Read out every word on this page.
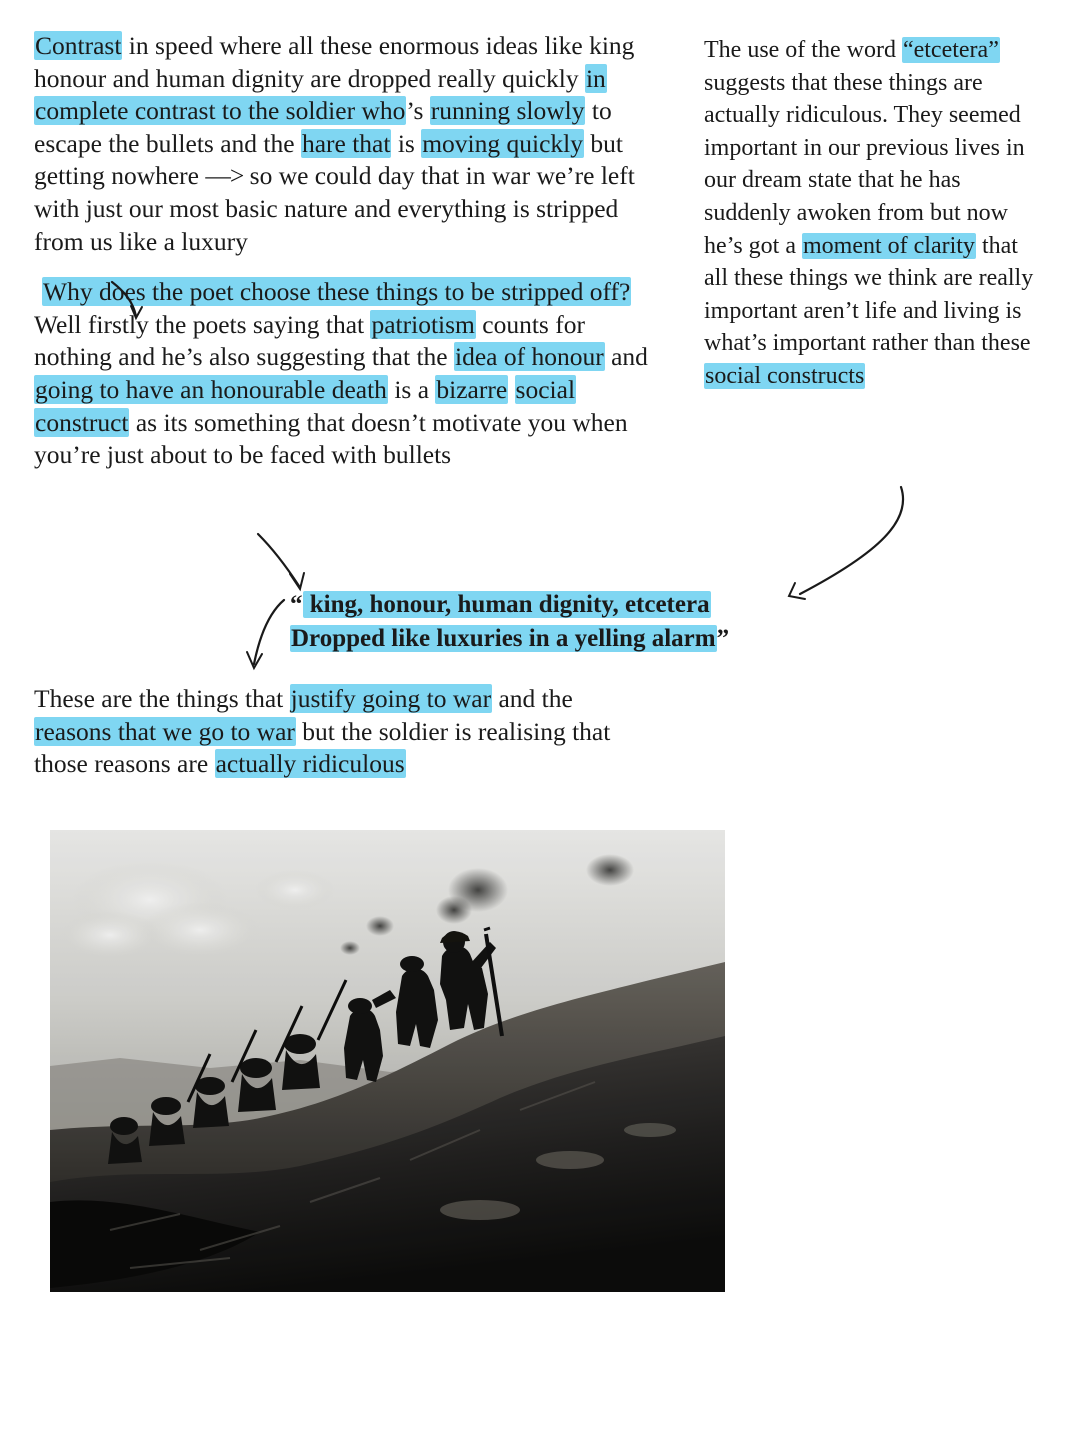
Contrast in speed where all these enormous ideas like king honour and human dignity are dropped really quickly in complete contrast to the soldier who’s running slowly to escape the bullets and the hare that is moving quickly but getting nowhere —> so we could day that in war we’re left with just our most basic nature and everything is stripped from us like a luxury

Why does the poet choose these things to be stripped off? Well firstly the poets saying that patriotism counts for nothing and he’s also suggesting that the idea of honour and going to have an honourable death is a bizarre social construct as its something that doesn’t motivate you when you’re just about to be faced with bullets

The use of the word “etcetera” suggests that these things are actually ridiculous. They seemed important in our previous lives in our dream state that he has suddenly awoken from but now he’s got a moment of clarity that all these things we think are really important aren’t life and living is what’s important rather than these social constructs

“ king, honour, human dignity, etcetera
Dropped like luxuries in a yelling alarm”

These are the things that justify going to war and the reasons that we go to war but the soldier is realising that those reasons are actually ridiculous
